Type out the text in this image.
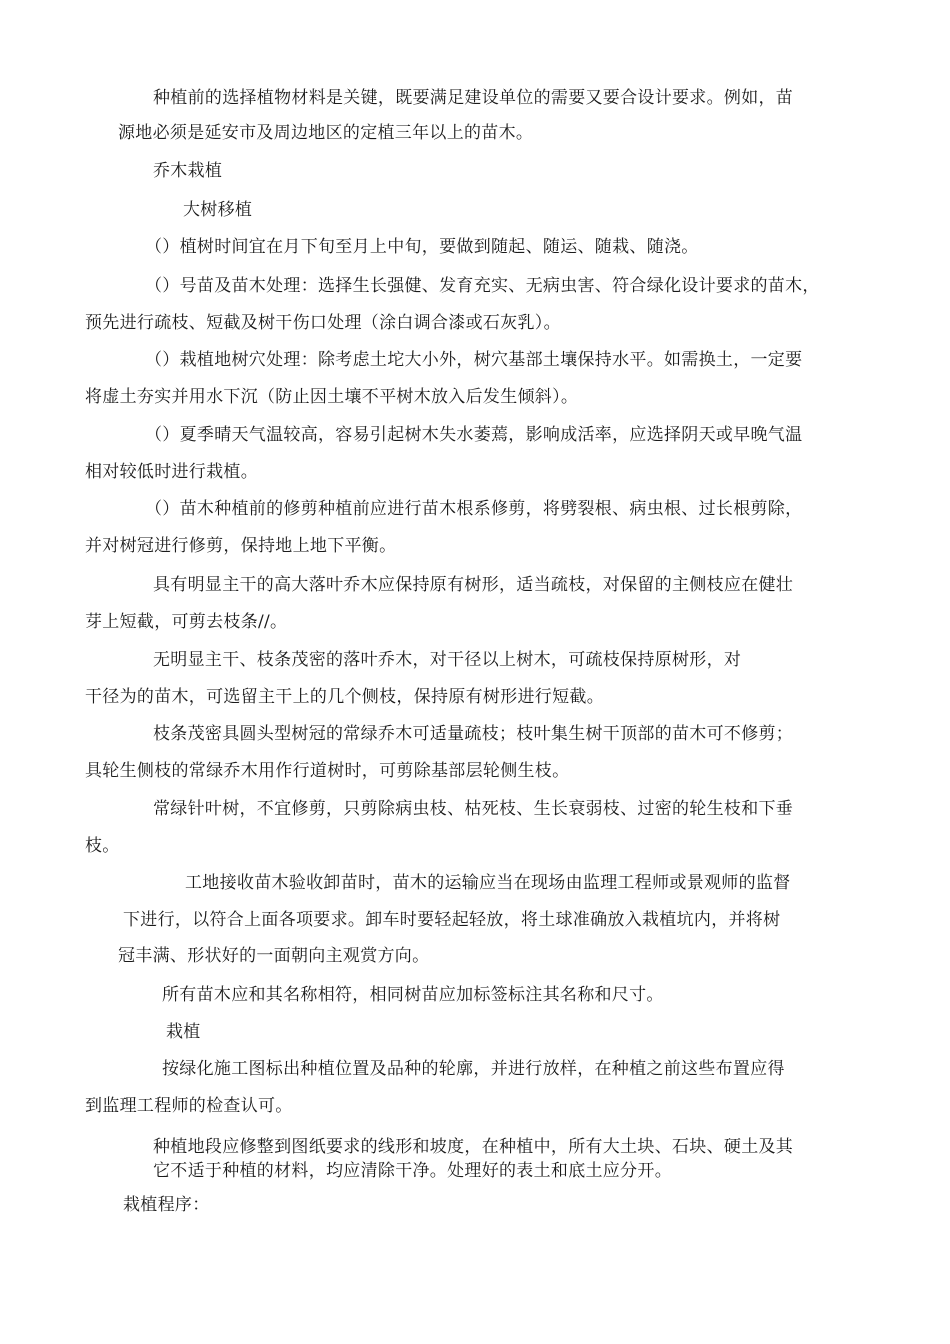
种植前的选择植物材料是关键，既要满足建设单位的需要又要合设计要求。例如，苗

源地必须是延安市及周边地区的定植三年以上的苗木。

乔木栽植

大树移植

（）植树时间宜在月下旬至月上中旬，要做到随起、随运、随栽、随浇。

（）号苗及苗木处理：选择生长强健、发育充实、无病虫害、符合绿化设计要求的苗木，

预先进行疏枝、短截及树干伤口处理（涂白调合漆或石灰乳）。

（）栽植地树穴处理：除考虑土坨大小外，树穴基部土壤保持水平。如需换土，一定要

将虚土夯实并用水下沉（防止因土壤不平树木放入后发生倾斜）。

（）夏季晴天气温较高，容易引起树木失水萎蔫，影响成活率，应选择阴天或早晚气温

相对较低时进行栽植。

（）苗木种植前的修剪种植前应进行苗木根系修剪，将劈裂根、病虫根、过长根剪除，

并对树冠进行修剪，保持地上地下平衡。

具有明显主干的高大落叶乔木应保持原有树形，适当疏枝，对保留的主侧枝应在健壮

芽上短截，可剪去枝条//。

无明显主干、枝条茂密的落叶乔木，对干径以上树木，可疏枝保持原树形，对

干径为的苗木，可选留主干上的几个侧枝，保持原有树形进行短截。

枝条茂密具圆头型树冠的常绿乔木可适量疏枝；枝叶集生树干顶部的苗木可不修剪；

具轮生侧枝的常绿乔木用作行道树时，可剪除基部层轮侧生枝。

常绿针叶树，不宜修剪，只剪除病虫枝、枯死枝、生长衰弱枝、过密的轮生枝和下垂

枝。

工地接收苗木验收卸苗时，苗木的运输应当在现场由监理工程师或景观师的监督

下进行，以符合上面各项要求。卸车时要轻起轻放，将土球准确放入栽植坑内，并将树

冠丰满、形状好的一面朝向主观赏方向。

所有苗木应和其名称相符，相同树苗应加标签标注其名称和尺寸。

栽植

按绿化施工图标出种植位置及品种的轮廓，并进行放样，在种植之前这些布置应得

到监理工程师的检查认可。

种植地段应修整到图纸要求的线形和坡度，在种植中，所有大土块、石块、硬土及其

它不适于种植的材料，均应清除干净。处理好的表土和底土应分开。

栽植程序：
